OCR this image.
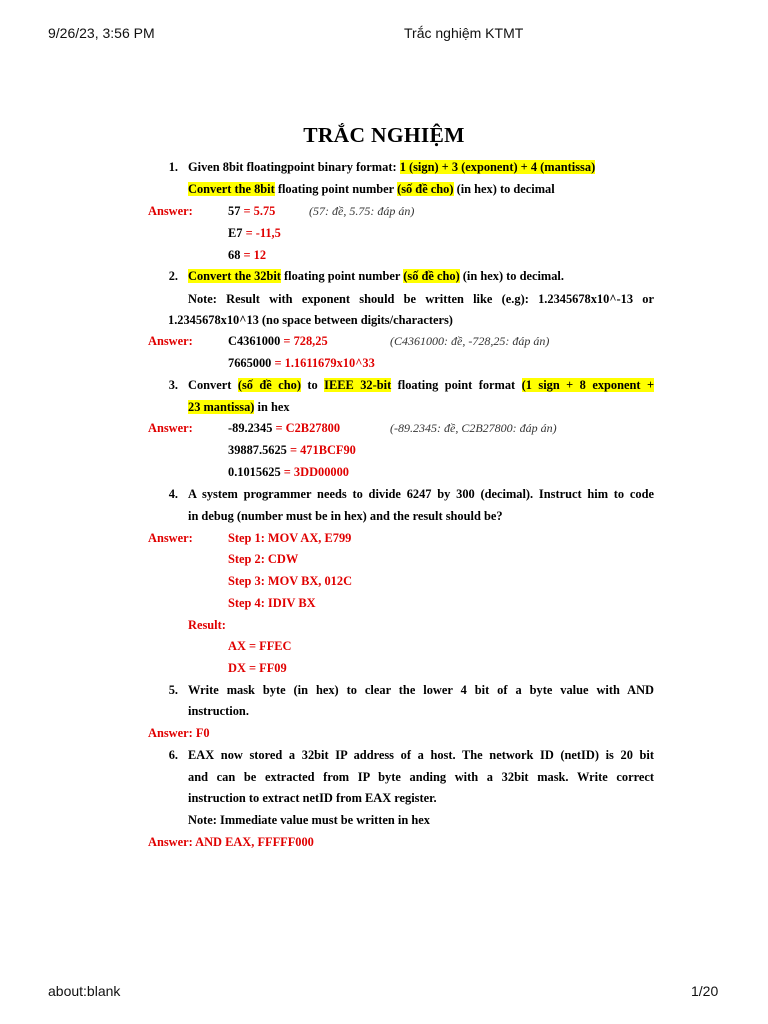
9/26/23, 3:56 PM	Trắc nghiệm KTMT
about:blank	1/20
TRẮC NGHIỆM
1. Given 8bit floatingpoint binary format: 1 (sign) + 3 (exponent) + 4 (mantissa)
Convert the 8bit floating point number (số đề cho) (in hex) to decimal
Answer:	57 = 5.75	(57: đề, 5.75: đáp án)
E7 = -11,5
68 = 12
2. Convert the 32bit floating point number (số đề cho) (in hex) to decimal.
Note: Result with exponent should be written like (e.g): 1.2345678x10^-13 or
1.2345678x10^13 (no space between digits/characters)
Answer:	C4361000 = 728,25	(C4361000: đề, -728,25: đáp án)
7665000 = 1.1611679x10^33
3. Convert (số đề cho) to IEEE 32-bit floating point format (1 sign + 8 exponent +
23 mantissa) in hex
Answer:	-89.2345 = C2B27800	(-89.2345: đề, C2B27800: đáp án)
39887.5625 = 471BCF90
0.1015625 = 3DD00000
4. A system programmer needs to divide 6247 by 300 (decimal). Instruct him to code
in debug (number must be in hex) and the result should be?
Answer:	Step 1: MOV AX, E799
Step 2: CDW
Step 3: MOV BX, 012C
Step 4: IDIV BX
Result:
AX = FFEC
DX = FF09
5. Write mask byte (in hex) to clear the lower 4 bit of a byte value with AND
instruction.
Answer: F0
6. EAX now stored a 32bit IP address of a host. The network ID (netID) is 20 bit
and can be extracted from IP byte anding with a 32bit mask. Write correct
instruction to extract netID from EAX register.
Note: Immediate value must be written in hex
Answer: AND EAX, FFFFF000
